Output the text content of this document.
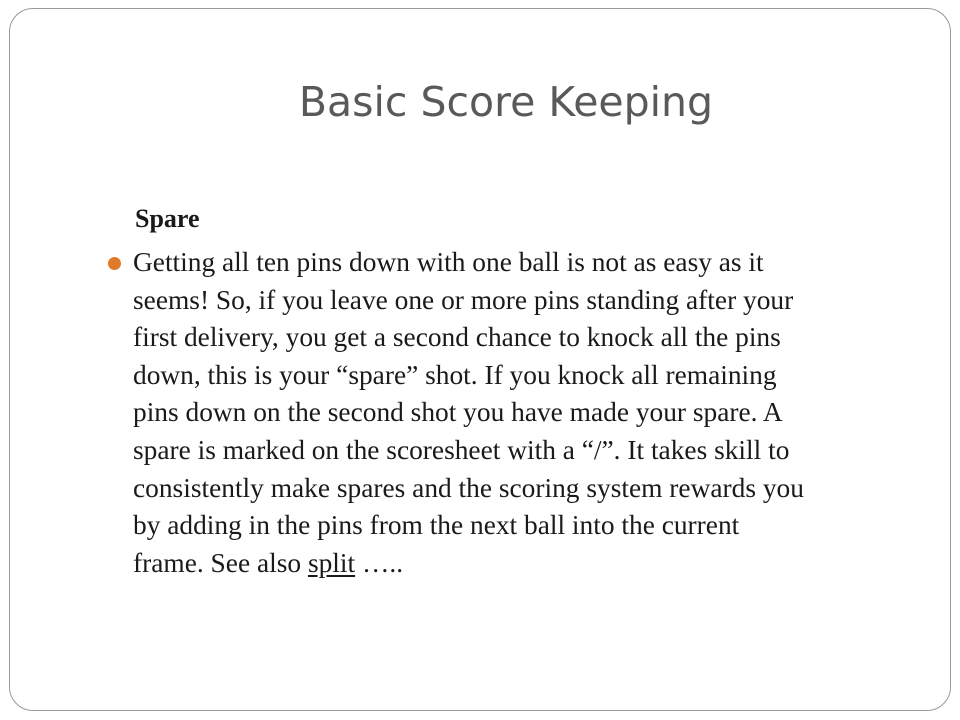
Basic Score Keeping
Spare

Getting all ten pins down with one ball is not as easy as it
seems! So, if you leave one or more pins standing after your
first delivery, you get a second chance to knock all the pins
down, this is your “spare” shot. If you knock all remaining
pins down on the second shot you have made your spare. A
spare is marked on the scoresheet with a “/”. It takes skill to
consistently make spares and the scoring system rewards you
by adding in the pins from the next ball into the current
frame. See also split …..
